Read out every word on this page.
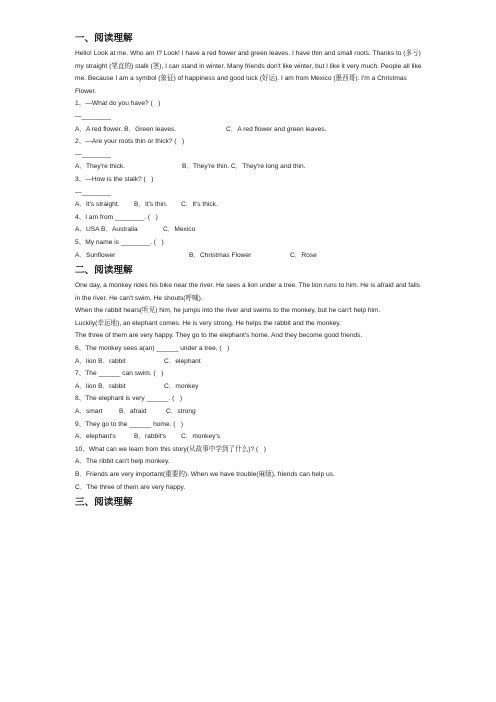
一、阅读理解

Hello! Look at me. Who am I? Look! I have a red flower and green leaves. I have thin and small roots. Thanks to (多亏) my straight (笔直的) stalk (茎), I can stand in winter. Many friends don't like winter, but I like it very much. People all like me. Because I am a symbol (象征) of happiness and good luck (好运). I am from Mexico (墨西哥). I'm a Christmas Flower.

1、—What do you have? (   )
—________
A．A red flower. B．Green leaves.	C．A red flower and green leaves.
2、—Are your roots thin or thick? (   )
—________
A．They're thick.	B．They're thin. C．They're long and thin.
3、—How is the stalk? (   )
—________
A．It's straight.	B．It's thin.	C．It's thick.
4、I am from ________. (   )
A．USA B．Australia	C．Mexico
5、My name is ________. (   )
A．Sunflower	B．Christmas Flower	C．Rose
二、阅读理解

One day, a monkey rides his bike near the river. He sees a lion under a tree. The lion runs to him. He is afraid and falls in the river. He can't swim. He shouts(呼喊).

When the rabbit hears(听见) him, he jumps into the river and swims to the monkey, but he can't help him.

Luckily(幸运地), an elephant comes. He is very strong. He helps the rabbit and the monkey.

The three of them are very happy. They go to the elephant's home. And they become good friends.

6、The monkey sees a(an) ______ under a tree. (   )
A．lion B．rabbit	C．elephant
7、The ______ can swim. (   )
A．lion B．rabbit	C．monkey
8、The elephant is very ______. (   )
A．smart	B．afraid	C．strong
9、They go to the ______ home. (   )
A．elephant's	B．rabbit's	C．monkey's
10、What can we learn from this story(从故事中学到了什么)? (   )
A．The ribbit can't help monkey.
B．Friends are very important(重要的). When we have trouble(麻烦), friends can help us.
C．The three of them are very happy.
三、阅读理解
